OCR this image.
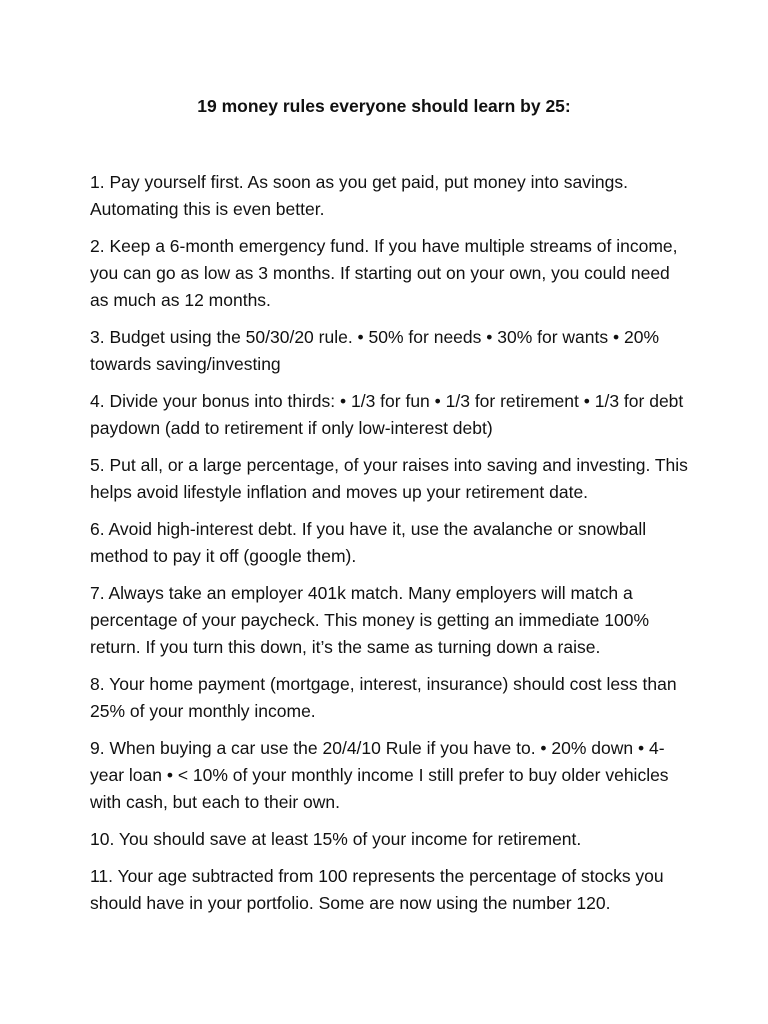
19 money rules everyone should learn by 25:
1. Pay yourself first. As soon as you get paid, put money into savings. Automating this is even better.
2. Keep a 6-month emergency fund. If you have multiple streams of income, you can go as low as 3 months. If starting out on your own, you could need as much as 12 months.
3. Budget using the 50/30/20 rule. • 50% for needs • 30% for wants • 20% towards saving/investing
4. Divide your bonus into thirds: • 1/3 for fun • 1/3 for retirement • 1/3 for debt paydown (add to retirement if only low-interest debt)
5. Put all, or a large percentage, of your raises into saving and investing. This helps avoid lifestyle inflation and moves up your retirement date.
6. Avoid high-interest debt. If you have it, use the avalanche or snowball method to pay it off (google them).
7. Always take an employer 401k match. Many employers will match a percentage of your paycheck. This money is getting an immediate 100% return. If you turn this down, it’s the same as turning down a raise.
8. Your home payment (mortgage, interest, insurance) should cost less than 25% of your monthly income.
9. When buying a car use the 20/4/10 Rule if you have to. • 20% down • 4-year loan • < 10% of your monthly income I still prefer to buy older vehicles with cash, but each to their own.
10. You should save at least 15% of your income for retirement.
11. Your age subtracted from 100 represents the percentage of stocks you should have in your portfolio. Some are now using the number 120.
